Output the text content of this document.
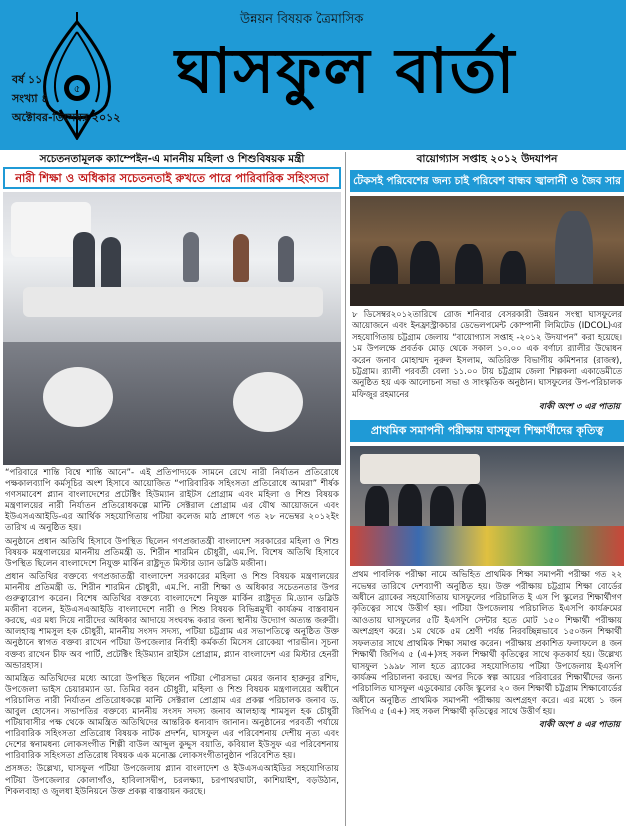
৫
উন্নয়ন বিষয়ক ত্রৈমাসিক
ঘাসফুল বার্তা
বর্ষ ১১
সংখ্যা ৪
অক্টোবর-ডিসেম্বর ২০১২
সচেতনতামূলক ক্যাম্পেইন-এ মাননীয় মহিলা ও শিশুবিষয়ক মন্ত্রী
নারী শিক্ষা ও অধিকার সচেতনতাই রুখতে পারে পারিবারিক সহিংসতা

“পরিবারে শান্তি বিশ্বে শান্তি আনে”- এই প্রতিপাদ্যকে সামনে রেখে নারী নির্যাতন প্রতিরোধে পক্ষকালব্যাপি কর্মসূচির অংশ হিসাবে আয়োজিত “পারিবারিক সহিংসতা প্রতিরোধে আমরা” শীর্ষক গণসমাবেশ প্ল্যান বাংলাদেশের প্রটেক্টিং হিউম্যান রাইটস প্রোগ্রাম এবং মহিলা ও শিশু বিষয়ক মন্ত্রণালয়ের নারী নির্যাতন প্রতিরোধকল্পে মাল্টি সেক্টরাল প্রোগ্রাম এর যৌথ আয়োজনে এবং ইউএসএআইডি-এর আর্থিক সহযোগিতায় পটিয়া কলেজ মাঠ প্রাঙ্গণে গত ২৮ নভেম্বর ২০১২ইং তারিখ এ অনুষ্ঠিত হয়।

অনুষ্ঠানে প্রধান অতিথি হিসাবে উপস্থিত ছিলেন গণপ্রজাতন্ত্রী বাংলাদেশ সরকারের মহিলা ও শিশু বিষয়ক মন্ত্রণালয়ের মাননীয় প্রতিমন্ত্রী ড. শিরীন শারমিন চৌধুরী, এম.পি. বিশেষ অতিথি হিসাবে উপস্থিত ছিলেন বাংলাদেশে নিযুক্ত মার্কিন রাষ্ট্রদূত মিস্টার ড্যান ডব্লিউ মজীনা।

প্রধান অতিথির বক্তব্যে গণপ্রজাতন্ত্রী বাংলাদেশ সরকারের মহিলা ও শিশু বিষয়ক মন্ত্রণালয়ের মাননীয় প্রতিমন্ত্রী ড. শিরীন শারমিন চৌধুরী, এম.পি. নারী শিক্ষা ও অধিকার সচেতনতার উপর গুরুত্বারোপ করেন। বিশেষ অতিথির বক্তব্যে বাংলাদেশে নিযুক্ত মার্কিন রাষ্ট্রদূত মি.ড্যান ডব্লিউ মজীনা বলেন, ইউএসএআইডি বাংলাদেশে নারী ও শিশু বিষয়ক বিভিন্নমুখী কার্যক্রম বাস্তবায়ন করছে, এর মধ্য দিয়ে নারীদের অধিকার আদায়ে সংঘবদ্ধ করার জন্য স্থানীয় উদ্যোগ অত্যন্ত জরুরী। আলহাজ্ব শামসুল হক চৌধুরী, মাননীয় সংসদ সদস্য, পটিয়া চট্টগ্রাম এর সভাপতিত্বে অনুষ্ঠিত উক্ত অনুষ্ঠানে স্বাগত বক্তব্য রাখেন পটিয়া উপজেলার নির্বাহী কর্মকর্তা মিসেস রোকেয়া পারভীন। সূচনা বক্তব্য রাখেন চীফ অব পার্টি, প্রটেক্টিং হিউম্যান রাইটস প্রোগ্রাম, প্ল্যান বাংলাদেশ এর মিস্টার হেনরী অন্ডারহাস।

আমন্ত্রিত অতিথিদের মধ্যে আরো উপস্থিত ছিলেন পটিয়া পৌরসভা মেয়র জনাব হারুনুর রশিদ, উপজেলা ভাইস চেয়ারম্যান ডা. তিমির বরন চৌধুরী, মহিলা ও শিশু বিষয়ক মন্ত্রণালয়ের অধীনে পরিচালিত নারী নির্যাতন প্রতিরোধকল্পে মাল্টি সেক্টরাল প্রোগ্রাম এর প্রকল্প পরিচালক জনাব ড. আবুল হোসেন। সভাপতির বক্তব্যে মাননীয় সংসদ সদস্য জনাব আলহাজ্ব শামসুল হক চৌধুরী পটিয়াবাসীর পক্ষ থেকে আমন্ত্রিত অতিথিদের আন্তরিক ধন্যবাদ জানান। অনুষ্ঠানের পরবর্তী পর্যায়ে পারিবারিক সহিংসতা প্রতিরোধ বিষয়ক নাটক প্রদর্শন, ঘাসফুল এর পরিবেশনায় দেশীয় নৃত্য এবং দেশের স্বনামধন্য লোকসংগীত শিল্পী বাউল আব্দুল কুদ্দুস বয়াতি, কবিয়াল ইউসুফ এর পরিবেশনায় পারিবারিক সহিংসতা প্রতিরোধ বিষয়ক এক মনোজ্ঞ লোকসংগীতানুষ্ঠান পরিবেশিত হয়।

প্রসঙ্গত: উল্লেখ্য, ঘাসফুল পটিয়া উপজেলায় প্ল্যান বাংলাদেশ ও ইউএসএআইডির সহযোগিতায় পটিয়া উপজেলার কোলাগাঁও, হাবিলাসদ্বীপ, চরলক্ষ্যা, চরপাথরঘাটা, কাশিয়াইশ, বড়উঠান, শিকলবাহা ও জুলধা ইউনিয়নে উক্ত প্রকল্প বাস্তবায়ন করছে।

বায়োগ্যাস সপ্তাহ ২০১২ উদযাপন
টেকসই পরিবেশের জন্য চাই পরিবেশ বান্ধব জ্বালানী ও জৈব সার
৮ ডিসেম্বর২০১২তারিখে রোজ শনিবার বেসরকারী উন্নয়ন সংস্থা ঘাসফুলের আয়োজনে এবং ইনফ্রাস্ট্রাকচার ডেভেলপমেন্ট কোম্পানী লিমিটেড (IDCOL)এর সহযোগিতায় চট্টগ্রাম জেলায় “বায়োগ্যাস সপ্তাহ -২০১২ উদযাপন” করা হয়েছে। ১ম উপলক্ষে প্রবর্তক মোড় থেকে সকাল ১০.০০ এক বর্ণাঢ্য র‍্যালীর উদ্বোধন করেন জনাব মোহাম্মদ নুরুল ইসলাম, অতিরিক্ত বিভাগীয় কমিশনার (রাজস্ব), চট্টগ্রাম। র‍্যালী পরবর্তী বেলা ১১.০০ টায় চট্টগ্রাম জেলা শিল্পকলা একাডেমীতে অনুষ্ঠিত হয় এক আলোচনা সভা ও সাংস্কৃতিক অনুষ্ঠান। ঘাসফুলের উপ-পরিচালক মফিজুর রহমানের
বাকী অংশ ৩ এর পাতায়
প্রাথমিক সমাপনী পরীক্ষায় ঘাসফুল শিক্ষার্থীদের কৃতিত্ব
প্রথম পাবলিক পরীক্ষা নামে অভিহিত প্রাথমিক শিক্ষা সমাপনী পরীক্ষা গত ২২ নভেম্বর তারিখে দেশব্যাপী অনুষ্ঠিত হয়। উক্ত পরীক্ষায় চট্টগ্রাম শিক্ষা বোর্ডের অধীনে ব্র্যাকের সহযোগিতায় ঘাসফুলের পরিচালিত ই এস পি স্কুলের শিক্ষার্থীগণ কৃতিত্বের সাথে উত্তীর্ণ হয়। পটিয়া উপজেলায় পরিচালিত ইএসপি কার্যক্রমের আওতায় ঘাসফুলের ৫টি ইএসপি সেন্টার হতে মোট ১৫০ শিক্ষার্থী পরীক্ষায় অংশগ্রহণ করে। ১ম থেকে ৫ম শ্রেণী পর্যন্ত নিরবচ্ছিন্নভাবে ১৫০জন শিক্ষার্থী সফলতার সাথে প্রাথমিক শিক্ষা সমাপ্ত করেন। পরীক্ষায় প্রকাশিত ফলাফলে ৪ জন শিক্ষার্থী জিপিএ ৫ (এ+)সহ সকল শিক্ষার্থী কৃতিত্বের সাথে কৃতকার্য হয়। উল্লেখ্য ঘাসফুল ১৯৯৮ সাল হতে ব্র্যাকের সহযোগিতায় পটিয়া উপজেলায় ইএসপি কার্যক্রম পরিচালনা করছে। অপর দিকে স্বল্প আয়ের পরিবারের শিক্ষার্থীদের জন্য পরিচালিত ঘাসফুল এডুকেয়ার কেজি স্কুলের ২০ জন শিক্ষার্থী চট্টগ্রাম শিক্ষাবোর্ডের অধীনে অনুষ্ঠিত প্রাথমিক সমাপনী পরীক্ষায় অংশগ্রহণ করে। এর মধ্যে ১ জন জিপিএ ৫ (এ+) সহ সকল শিক্ষার্থী কৃতিত্বের সাথে উত্তীর্ণ হয়।
বাকী অংশ ৪ এর পাতায়
